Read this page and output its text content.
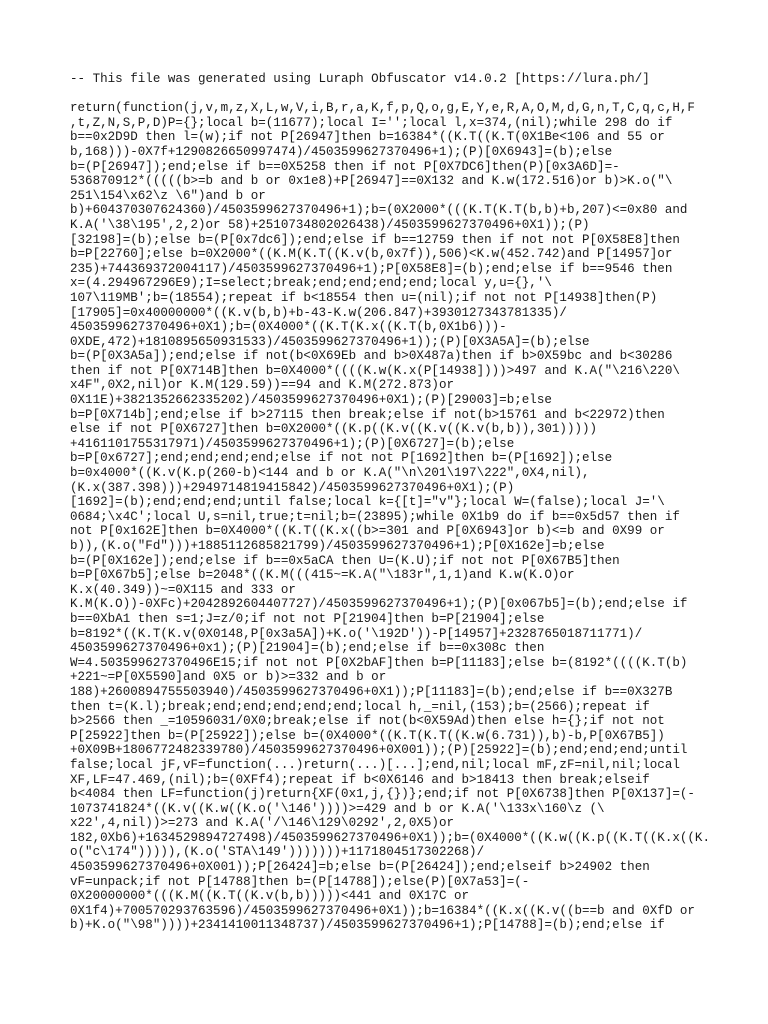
-- This file was generated using Luraph Obfuscator v14.0.2 [https://lura.ph/]
return(function(j,v,m,z,X,L,w,V,i,B,r,a,K,f,p,Q,o,g,E,Y,e,R,A,O,M,d,G,n,T,C,q,c,H,F
,t,Z,N,S,P,D)P={};local b=(11677);local I='';local l,x=374,(nil);while 298 do if
b==0x2D9D then l=(w);if not P[26947]then b=16384*((K.T((K.T(0X1Be<106 and 55 or
b,168)))-0X7f+1290826650997474)/4503599627370496+1);(P)[0X6943]=(b);else
b=(P[26947]);end;else if b==0X5258 then if not P[0X7DC6]then(P)[0x3A6D]=-
536870912*(((((b>=b and b or 0x1e8)+P[26947]==0X132 and K.w(172.516)or b)>K.o("\
251\154\x62\z \6")and b or
b)+604370307624360)/4503599627370496+1);b=(0X2000*(((K.T(K.T(b,b)+b,207)<=0x80 and
K.A('\38\195',2,2)or 58)+2510734802026438)/4503599627370496+0X1));(P)
[32198]=(b);else b=(P[0x7dc6]);end;else if b==12759 then if not not P[0X58E8]then
b=P[22760];else b=0X2000*((K.M(K.T((K.v(b,0x7f)),506)<K.w(452.742)and P[14957]or
235)+744369372004117)/4503599627370496+1);P[0X58E8]=(b);end;else if b==9546 then
x=(4.294967296E9);I=select;break;end;end;end;end;local y,u={},'\
107\119MB';b=(18554);repeat if b<18554 then u=(nil);if not not P[14938]then(P)
[17905]=0x40000000*((K.v(b,b)+b-43-K.w(206.847)+3930127343781335)/
4503599627370496+0X1);b=(0X4000*((K.T(K.x((K.T(b,0X1b6)))-
0XDE,472)+1810895650931533)/4503599627370496+1));(P)[0X3A5A]=(b);else
b=(P[0X3A5a]);end;else if not(b<0X69Eb and b>0X487a)then if b>0X59bc and b<30286
then if not P[0X714B]then b=0X4000*((((K.w(K.x(P[14938])))>497 and K.A("\216\220\
x4F",0X2,nil)or K.M(129.59))==94 and K.M(272.873)or
0X11E)+3821352662335202)/4503599627370496+0X1);(P)[29003]=b;else
b=P[0X714b];end;else if b>27115 then break;else if not(b>15761 and b<22972)then
else if not P[0X6727]then b=0X2000*((K.p((K.v((K.v((K.v(b,b)),301)))))
+4161101755317971)/4503599627370496+1);(P)[0X6727]=(b);else
b=P[0x6727];end;end;end;end;else if not not P[1692]then b=(P[1692]);else
b=0x4000*((K.v(K.p(260-b)<144 and b or K.A("\n\201\197\222",0X4,nil),
(K.x(387.398)))+2949714819415842)/4503599627370496+0X1);(P)
[1692]=(b);end;end;end;until false;local k={[t]="v"};local W=(false);local J='\
0684;\x4C';local U,s=nil,true;t=nil;b=(23895);while 0X1b9 do if b==0x5d57 then if
not P[0x162E]then b=0X4000*((K.T((K.x((b>=301 and P[0X6943]or b)<=b and 0X99 or
b)),(K.o("Fd")))+1885112685821799)/4503599627370496+1);P[0X162e]=b;else
b=(P[0X162e]);end;else if b==0x5aCA then U=(K.U);if not not P[0X67B5]then
b=P[0X67b5];else b=2048*((K.M(((415~=K.A("\183r",1,1)and K.w(K.O)or
K.x(40.349))~=0X115 and 333 or
K.M(K.O))-0XFc)+2042892604407727)/4503599627370496+1);(P)[0x067b5]=(b);end;else if
b==0XbA1 then s=1;J=z/0;if not not P[21904]then b=P[21904];else
b=8192*((K.T(K.v(0X0148,P[0x3a5A])+K.o('\192D'))-P[14957]+2328765018711771)/
4503599627370496+0x1);(P)[21904]=(b);end;else if b==0x308c then
W=4.503599627370496E15;if not not P[0X2bAF]then b=P[11183];else b=(8192*((((K.T(b)
+221~=P[0X5590]and 0X5 or b)>=332 and b or
188)+2600894755503940)/4503599627370496+0X1));P[11183]=(b);end;else if b==0X327B
then t=(K.l);break;end;end;end;end;end;local h,_=nil,(153);b=(2566);repeat if
b>2566 then _=10596031/0X0;break;else if not(b<0X59Ad)then else h={};if not not
P[25922]then b=(P[25922]);else b=(0X4000*((K.T(K.T((K.w(6.731)),b)-b,P[0X67B5])
+0X09B+1806772482339780)/4503599627370496+0X001));(P)[25922]=(b);end;end;end;until
false;local jF,vF=function(...)return(...)[...];end,nil;local mF,zF=nil,nil;local
XF,LF=47.469,(nil);b=(0XFf4);repeat if b<0X6146 and b>18413 then break;elseif
b<4084 then LF=function(j)return{XF(0x1,j,{})};end;if not P[0X6738]then P[0X137]=(-
1073741824*((K.v((K.w((K.o('\146'))))>=429 and b or K.A('\133x\160\z (\
x22',4,nil))>=273 and K.A('/\146\129\0292',2,0X5)or
182,0Xb6)+1634529894727498)/4503599627370496+0X1));b=(0X4000*((K.w((K.p((K.T((K.x((K.
o("c\174"))))),(K.o('STA\149')))))))+1171804517302268)/
4503599627370496+0X001));P[26424]=b;else b=(P[26424]);end;elseif b>24902 then
vF=unpack;if not P[14788]then b=(P[14788]);else(P)[0X7a53]=(-
0X20000000*(((K.M((K.T((K.v(b,b)))))<441 and 0X17C or
0X1f4)+700570293763596)/4503599627370496+0X1));b=16384*((K.x((K.v((b==b and 0XfD or
b)+K.o("\98"))))+2341410011348737)/4503599627370496+1);P[14788]=(b);end;else if
